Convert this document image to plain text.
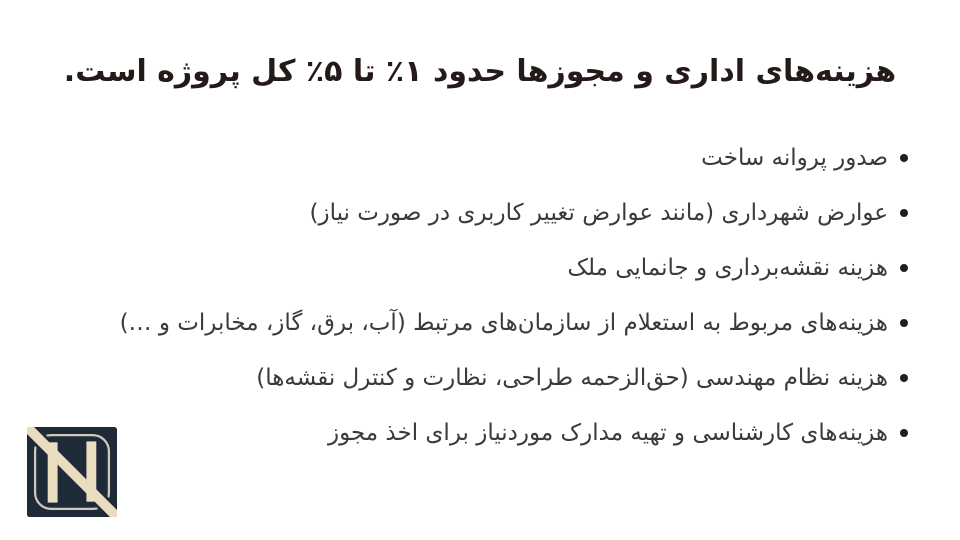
هزینه‌های اداری و مجوزها حدود ۱٪ تا ۵٪ کل پروژه است.
صدور پروانه ساخت
عوارض شهرداری (مانند عوارض تغییر کاربری در صورت نیاز)
هزینه نقشه‌برداری و جانمایی ملک
هزینه‌های مربوط به استعلام از سازمان‌های مرتبط (آب، برق، گاز، مخابرات و …)
هزینه نظام مهندسی (حق‌الزحمه طراحی، نظارت و کنترل نقشه‌ها)
هزینه‌های کارشناسی و تهیه مدارک موردنیاز برای اخذ مجوز
